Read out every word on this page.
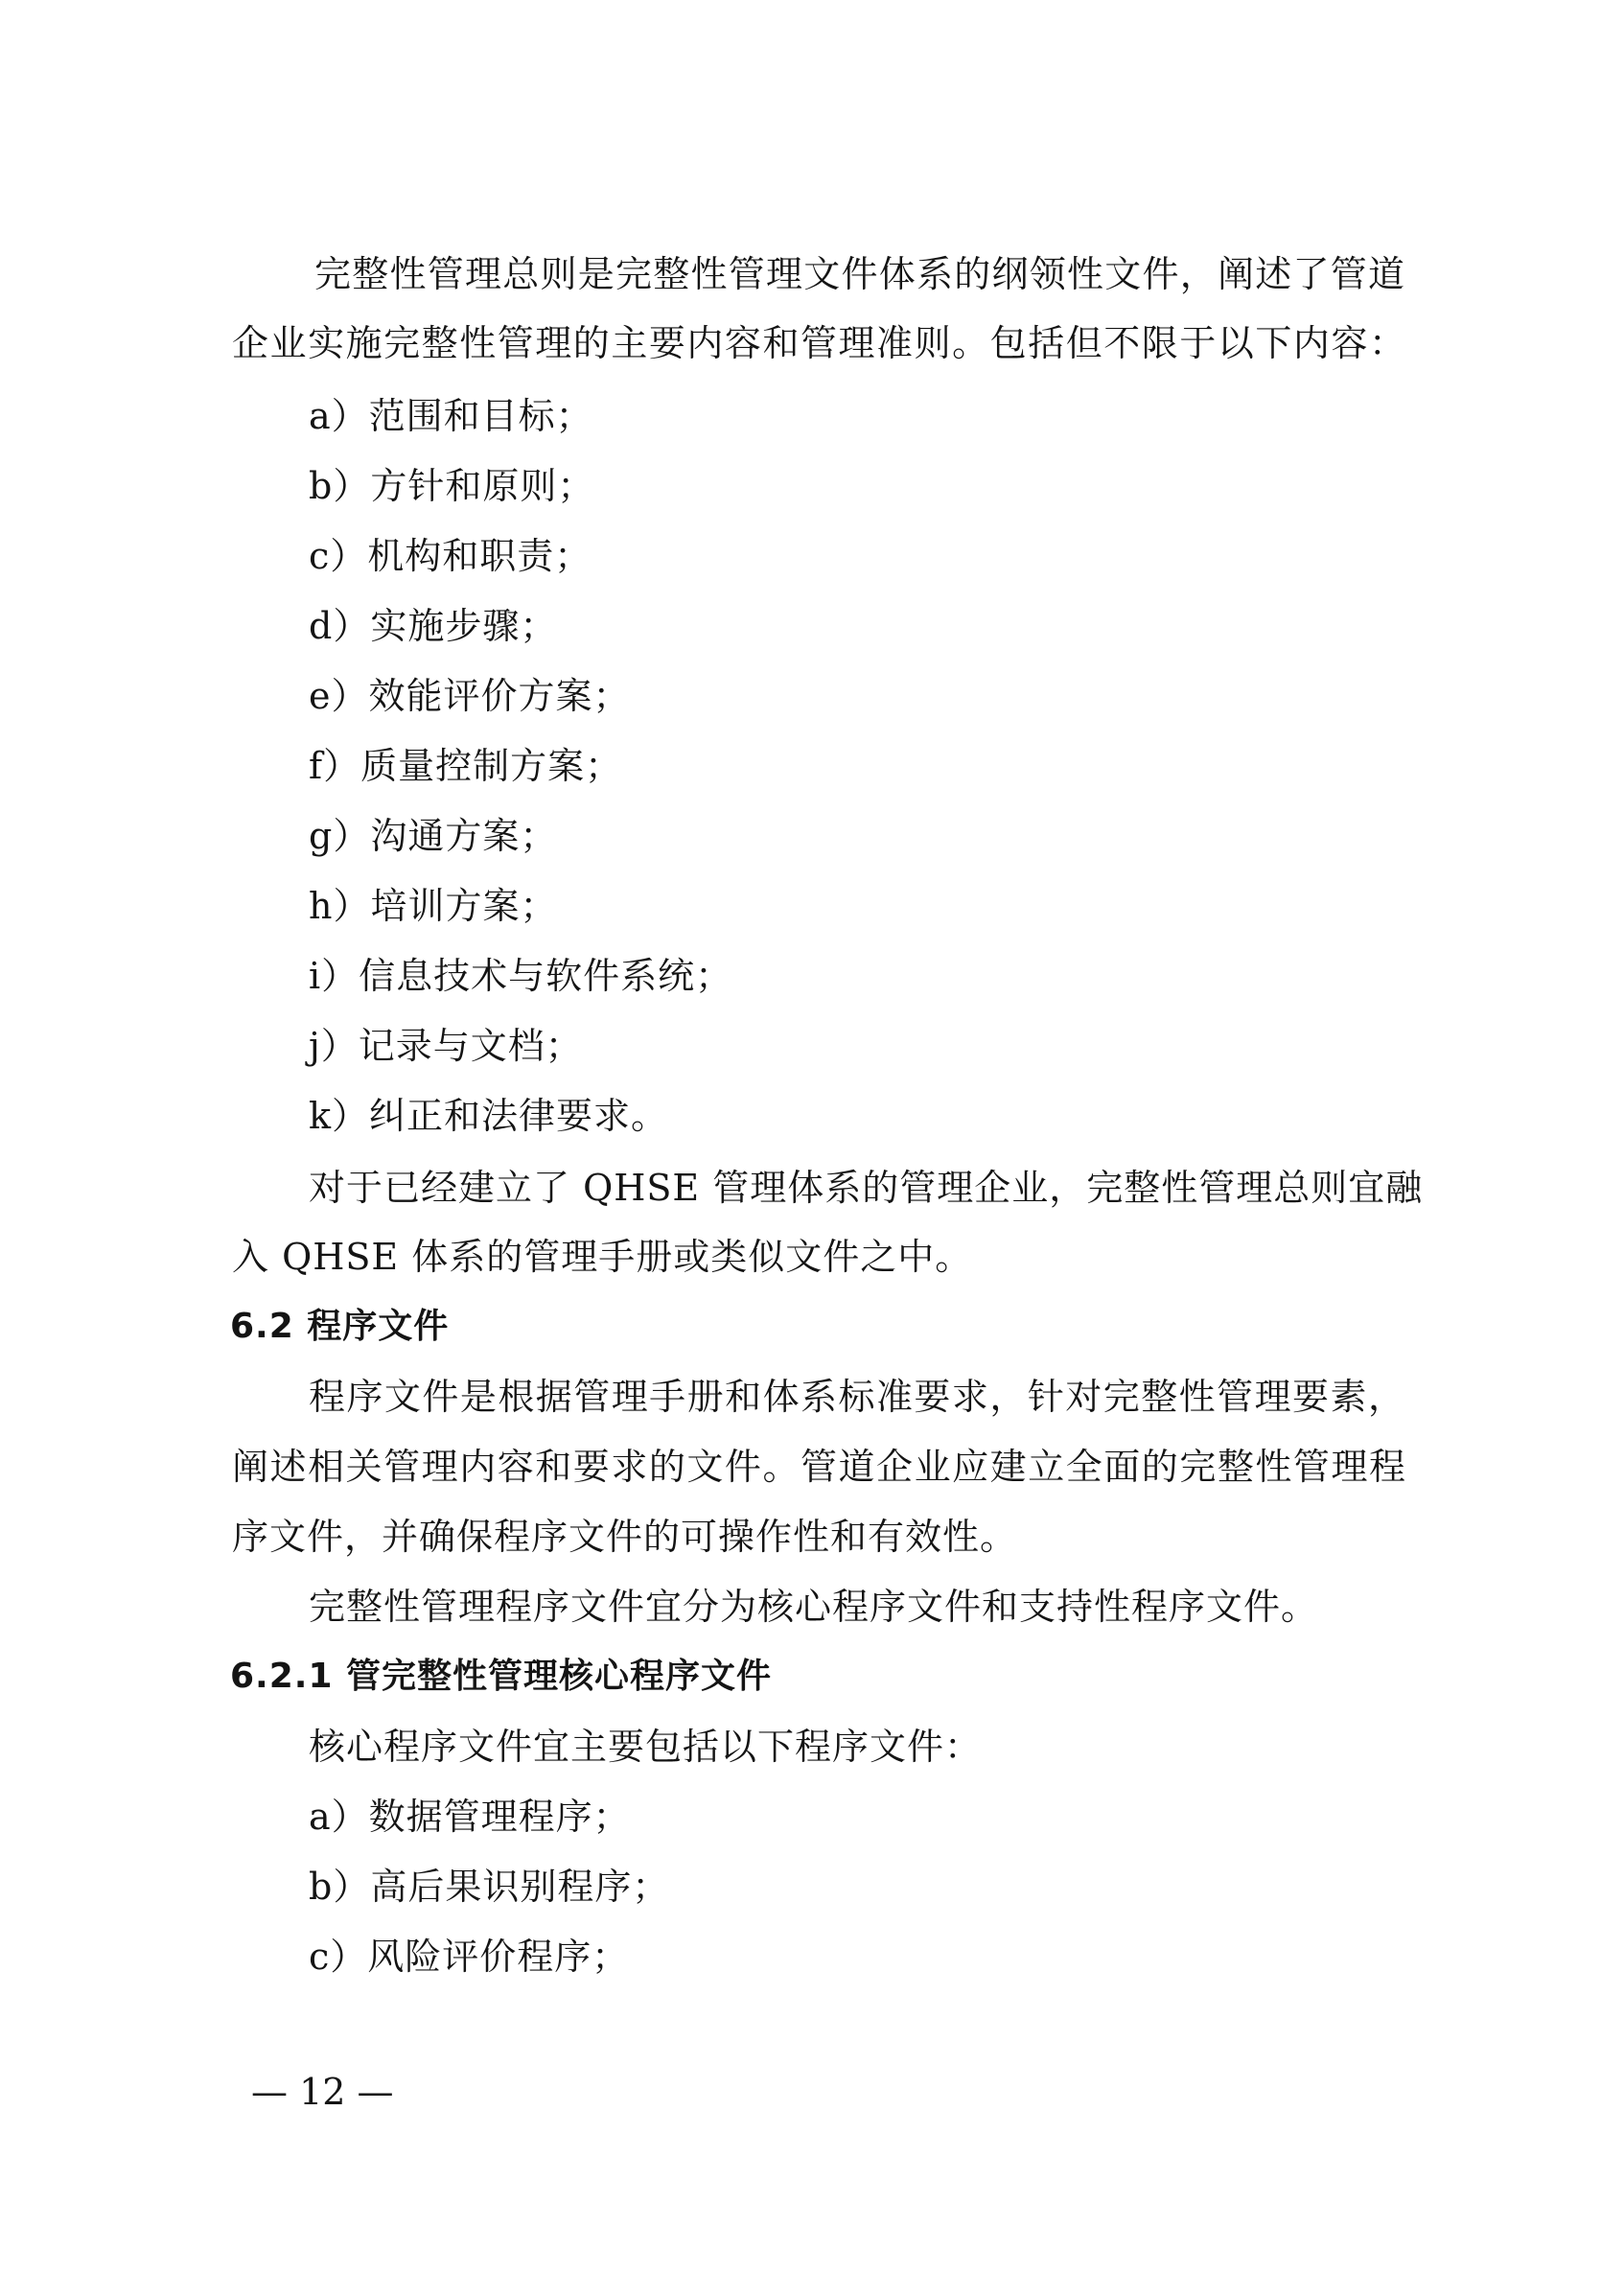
完整性管理总则是完整性管理文件体系的纲领性文件，阐述了管道
企业实施完整性管理的主要内容和管理准则。包括但不限于以下内容：
a）范围和目标；
b）方针和原则；
c）机构和职责；
d）实施步骤；
e）效能评价方案；
f）质量控制方案；
g）沟通方案；
h）培训方案；
i）信息技术与软件系统；
j）记录与文档；
k）纠正和法律要求。
对于已经建立了 QHSE 管理体系的管理企业，完整性管理总则宜融
入 QHSE 体系的管理手册或类似文件之中。
6.2 程序文件
程序文件是根据管理手册和体系标准要求，针对完整性管理要素，
阐述相关管理内容和要求的文件。管道企业应建立全面的完整性管理程
序文件，并确保程序文件的可操作性和有效性。
完整性管理程序文件宜分为核心程序文件和支持性程序文件。
6.2.1 管完整性管理核心程序文件
核心程序文件宜主要包括以下程序文件：
a）数据管理程序；
b）高后果识别程序；
c）风险评价程序；
— 12 —
